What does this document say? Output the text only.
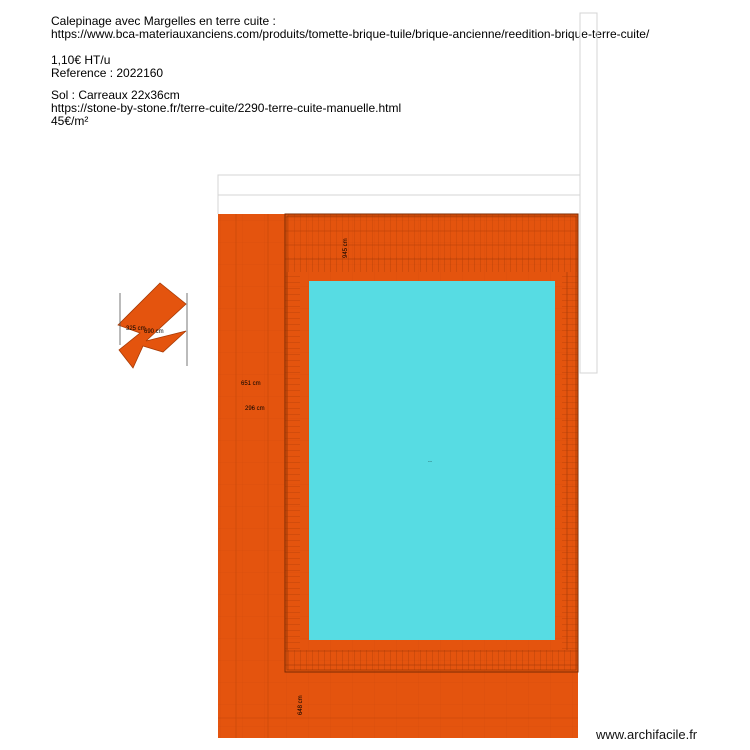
Calepinage avec Margelles en terre cuite :
https://www.bca-materiauxanciens.com/produits/tomette-brique-tuile/brique-ancienne/reedition-brique-terre-cuite/
1,10€ HT/u
Reference : 2022160
Sol : Carreaux 22x36cm
https://stone-by-stone.fr/terre-cuite/2290-terre-cuite-manuelle.html
45€/m²
---
945 cm
651 cm
296 cm
648 cm
325 cm
690 cm
www.archifacile.fr
